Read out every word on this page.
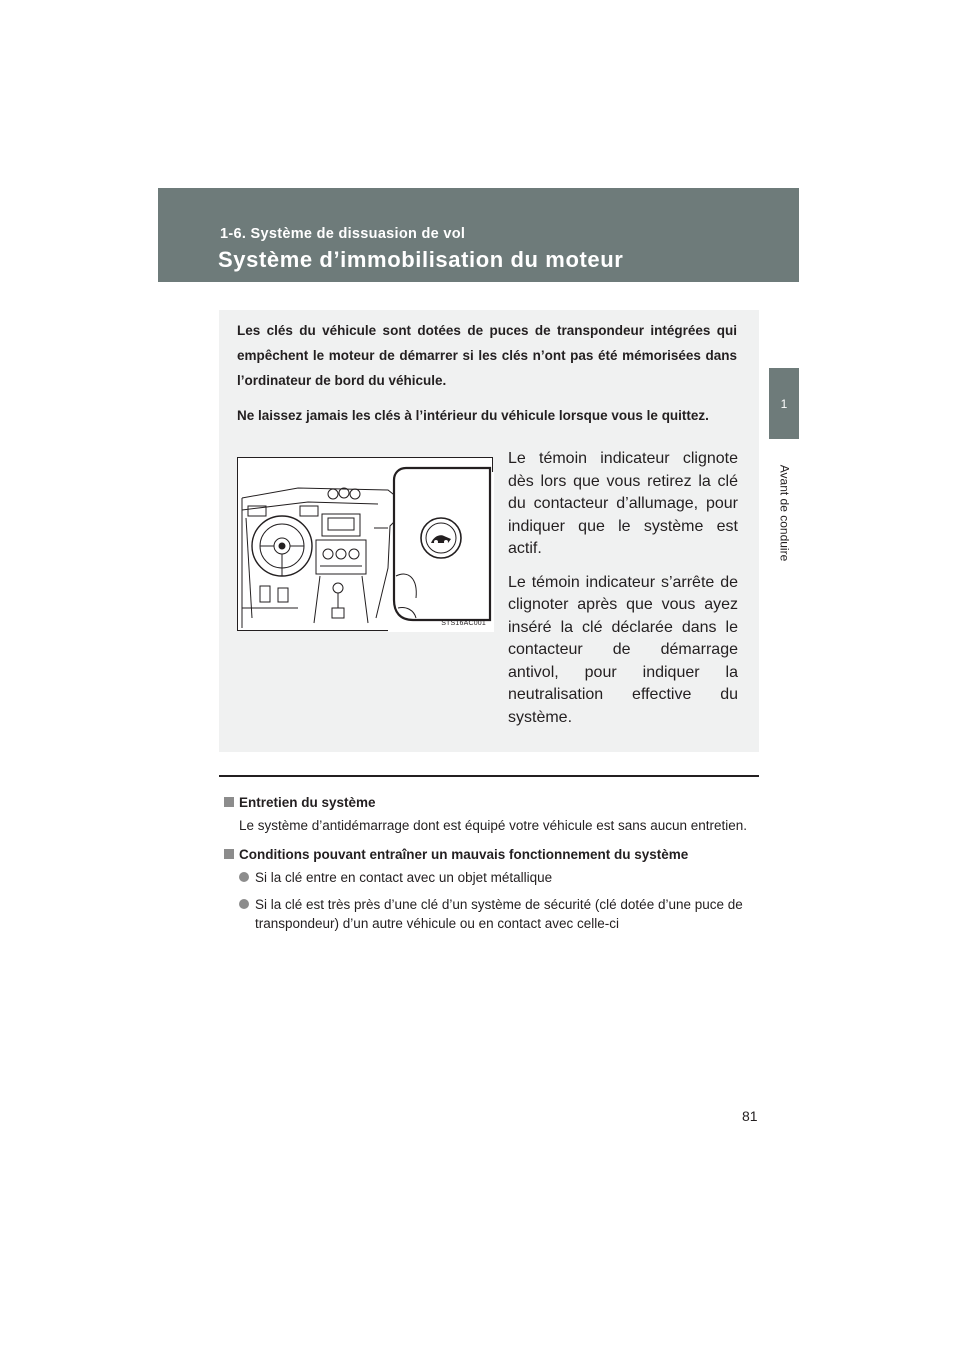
1-6. Système de dissuasion de vol
Système d’immobilisation du moteur
1
Avant de conduire

Les clés du véhicule sont dotées de puces de transpondeur intégrées qui empêchent le moteur de démarrer si les clés n’ont pas été mémorisées dans l’ordinateur de bord du véhicule.

Ne laissez jamais les clés à l’intérieur du véhicule lorsque vous le quittez.

STS16AC001

Le témoin indicateur clignote dès lors que vous retirez la clé du contacteur d’allumage, pour indiquer que le système est actif.

Le témoin indicateur s’arrête de clignoter après que vous ayez inséré la clé déclarée dans le contacteur de démarrage antivol, pour indiquer la neutralisation effective du système.

Entretien du système
Le système d’antidémarrage dont est équipé votre véhicule est sans aucun entretien.
Conditions pouvant entraîner un mauvais fonctionnement du système
Si la clé entre en contact avec un objet métallique
Si la clé est très près d’une clé d’un système de sécurité (clé dotée d’une puce de transpondeur) d’un autre véhicule ou en contact avec celle-ci
81
